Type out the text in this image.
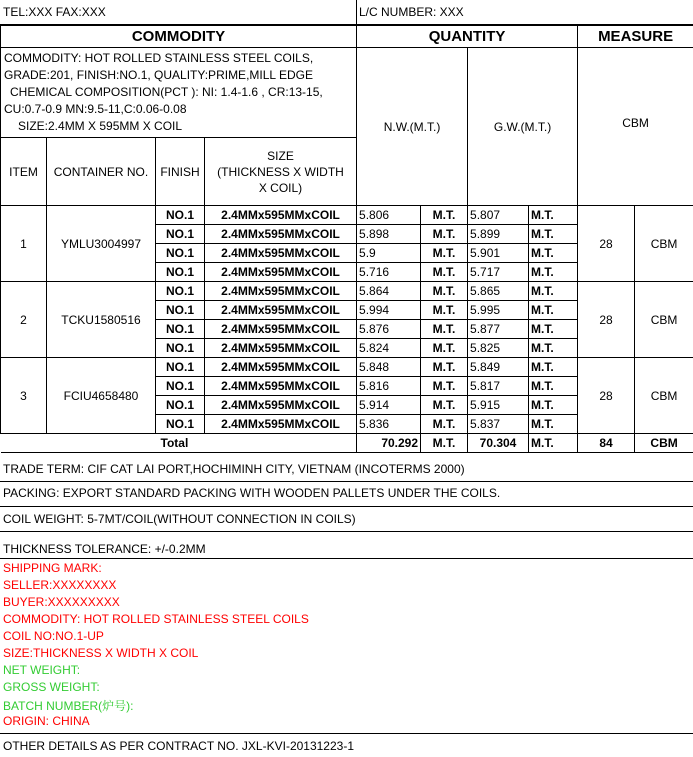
TEL:XXX FAX:XXX	L/C NUMBER: XXX
COMMODITY				QUANTITY				MEASURE	

COMMODITY: HOT ROLLED STAINLESS STEEL COILS,
GRADE:201, FINISH:NO.1, QUALITY:PRIME,MILL EDGE
CHEMICAL COMPOSITION(PCT ): NI: 1.4-1.6 , CR:13-15,
CU:0.7-0.9 MN:9.5-11,C:0.06-0.08
SIZE:2.4MM X 595MM X COIL				N.W.(M.T.)		G.W.(M.T.)		CBM	
ITEM	CONTAINER NO.	FINISH	SIZE
(THICKNESS X WIDTH
X COIL)						

1	YMLU3004997	NO.1	2.4MMx595MMxCOIL	5.806	M.T.	5.807	M.T.	28	CBM
		NO.1	2.4MMx595MMxCOIL	5.898	M.T.	5.899	M.T.		
		NO.1	2.4MMx595MMxCOIL	5.9	M.T.	5.901	M.T.		
		NO.1	2.4MMx595MMxCOIL	5.716	M.T.	5.717	M.T.		
2	TCKU1580516	NO.1	2.4MMx595MMxCOIL	5.864	M.T.	5.865	M.T.	28	CBM
		NO.1	2.4MMx595MMxCOIL	5.994	M.T.	5.995	M.T.		
		NO.1	2.4MMx595MMxCOIL	5.876	M.T.	5.877	M.T.		
		NO.1	2.4MMx595MMxCOIL	5.824	M.T.	5.825	M.T.		
3	FCIU4658480	NO.1	2.4MMx595MMxCOIL	5.848	M.T.	5.849	M.T.	28	CBM
		NO.1	2.4MMx595MMxCOIL	5.816	M.T.	5.817	M.T.		
		NO.1	2.4MMx595MMxCOIL	5.914	M.T.	5.915	M.T.		
		NO.1	2.4MMx595MMxCOIL	5.836	M.T.	5.837	M.T.		
Total				70.292	M.T.	70.304	M.T.	84	CBM
TRADE TERM: CIF CAT LAI PORT,HOCHIMINH CITY, VIETNAM (INCOTERMS 2000)
PACKING: EXPORT STANDARD PACKING WITH WOODEN PALLETS UNDER THE COILS.
COIL WEIGHT: 5-7MT/COIL(WITHOUT CONNECTION IN COILS)
THICKNESS TOLERANCE: +/-0.2MM
SHIPPING MARK:
SELLER:XXXXXXXX
BUYER:XXXXXXXXX
COMMODITY: HOT ROLLED STAINLESS STEEL COILS
COIL NO:NO.1-UP
SIZE:THICKNESS X WIDTH X COIL
NET WEIGHT:
GROSS WEIGHT:
BATCH NUMBER(炉号):
ORIGIN: CHINA
OTHER DETAILS AS PER CONTRACT NO. JXL-KVI-20131223-1
